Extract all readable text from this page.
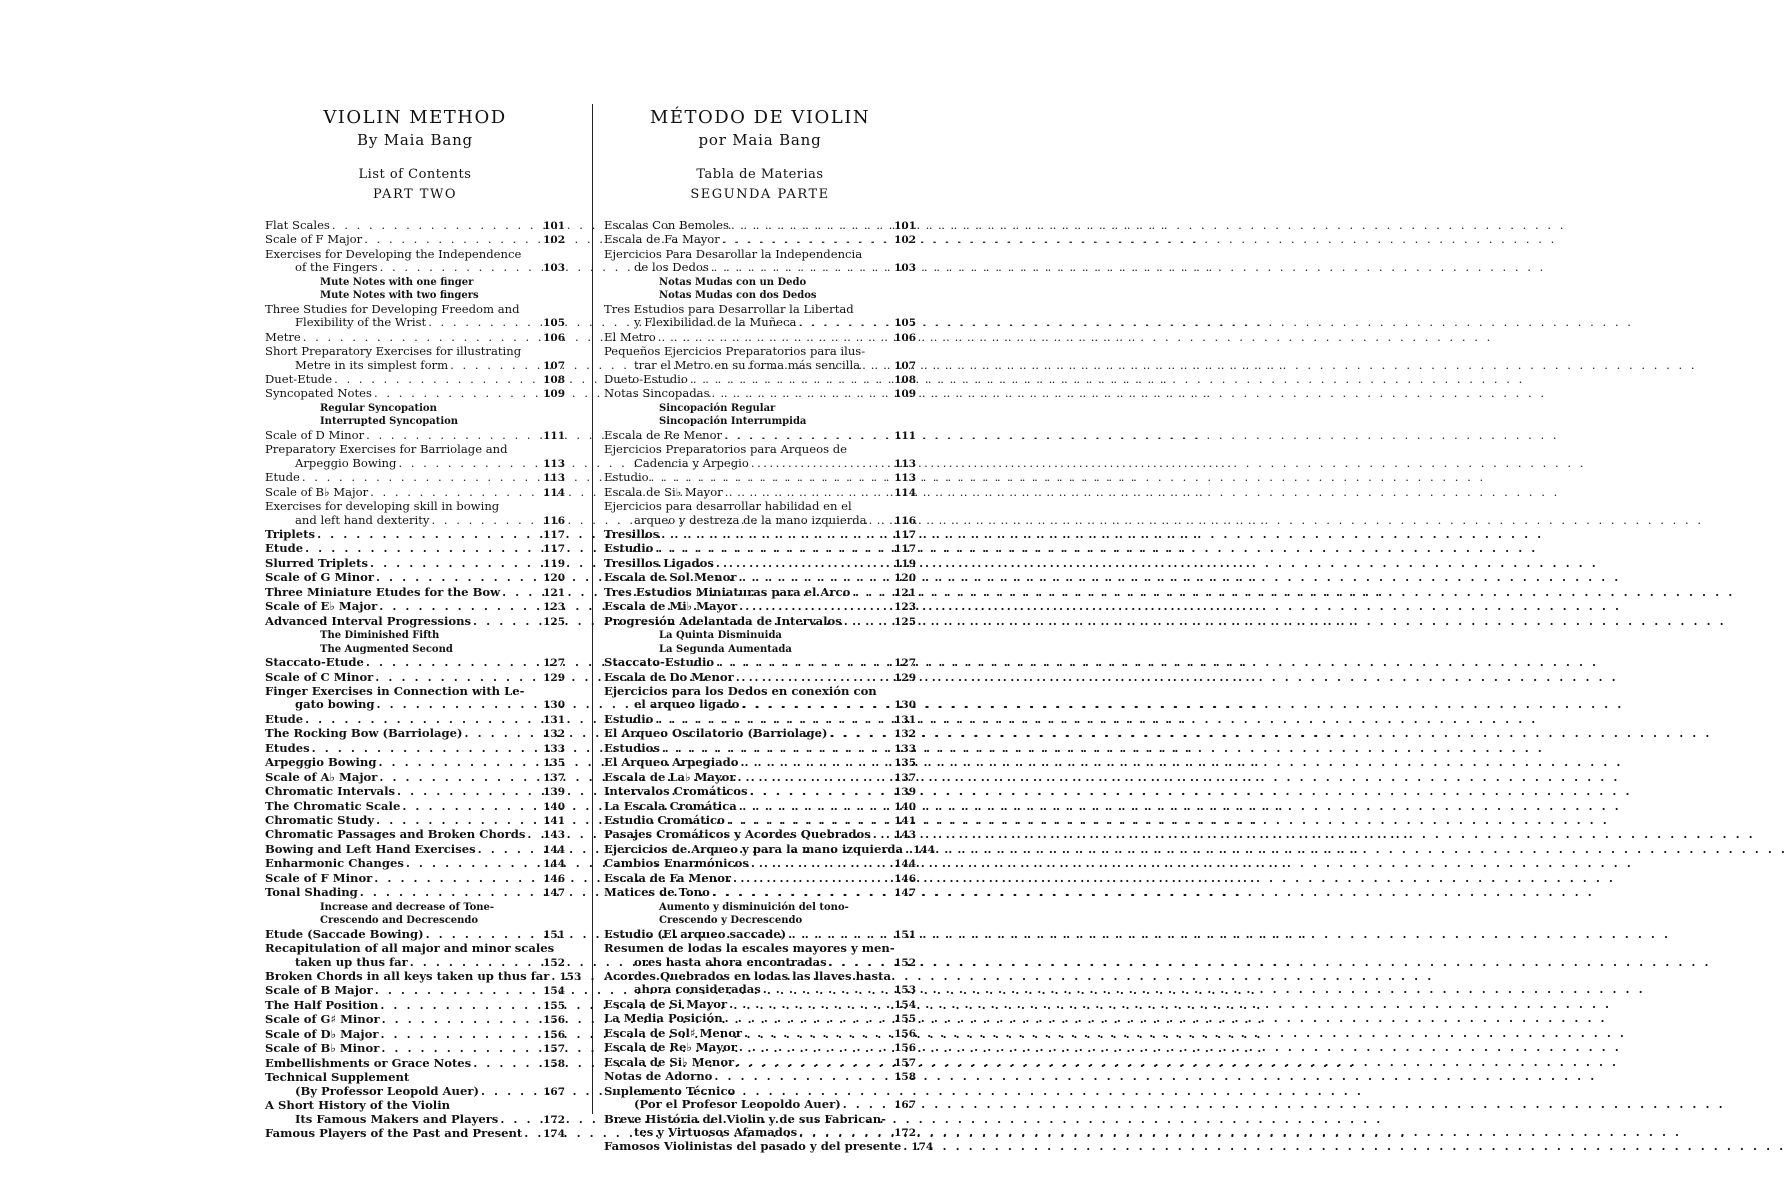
VIOLIN METHOD
By Maia Bang
List of Contents
PART TWO
Flat Scales . . .	101
Scale of F Major . . .	102
Exercises for Developing the Independence
of the Fingers . . .	103
Mute Notes with one finger
Mute Notes with two fingers
Three Studies for Developing Freedom and
Flexibility of the Wrist . . .	105
Metre . . .	106
Short Preparatory Exercises for illustrating
Metre in its simplest form . . .	107
Duet-Etude . . .	108
Syncopated Notes . . .	109
Regular Syncopation
Interrupted Syncopation
Scale of D Minor . . .	111
Preparatory Exercises for Barriolage and
Arpeggio Bowing . . .	113
Etude . . .	113
Scale of B♭ Major . . .	114
Exercises for developing skill in bowing
and left hand dexterity . . .	116
Triplets . . .	117
Etude . . .	117
Slurred Triplets . . .	119
Scale of G Minor . . .	120
Three Miniature Etudes for the Bow . . .	121
Scale of E♭ Major . . .	123
Advanced Interval Progressions . . .	125
The Diminished Fifth
The Augmented Second
Staccato-Etude . . .	127
Scale of C Minor . . .	129
Finger Exercises in Connection with Le-
gato bowing . . .	130
Etude . . .	131
The Rocking Bow (Barriolage) . . .	132
Etudes . . .	133
Arpeggio Bowing . . .	135
Scale of A♭ Major . . .	137
Chromatic Intervals . . .	139
The Chromatic Scale . . .	140
Chromatic Study . . .	141
Chromatic Passages and Broken Chords . . . 143
Bowing and Left Hand Exercises . . .	144
Enharmonic Changes . . .	144
Scale of F Minor . . .	146
Tonal Shading . . .	147
Increase and decrease of Tone-
Crescendo and Decrescendo
Etude (Saccade Bowing) . . .	151
Recapitulation of all major and minor scales
taken up thus far . . .	152
Broken Chords in all keys taken up thus far . . . 153
Scale of B Major . . .	154
The Half Position . . .	155
Scale of G♯ Minor . . .	156
Scale of D♭ Major . . .	156
Scale of B♭ Minor . . .	157
Embellishments or Grace Notes . . .	158
Technical Supplement
(By Professor Leopold Auer) . . .	167
A Short History of the Violin
Its Famous Makers and Players . . .	172
Famous Players of the Past and Present . . . 174
MÉTODO DE VIOLIN
por Maia Bang
Tabla de Materias
SEGUNDA PARTE
Escalas Con Bemoles . . .	101
Escala de Fa Mayor . . .	102
Ejercicios Para Desarollar la Independencia
de los Dedos . . .	103
Notas Mudas con un Dedo
Notas Mudas con dos Dedos
Tres Estudios para Desarrollar la Libertad
y Flexibilidad de la Muñeca . . .	105
El Metro . . .	106
Pequeños Ejercicios Preparatorios para ilus-
trar el Metro en su forma más sencilla . . .	107
Dueto-Estudio . . .	108
Notas Sincopadas . . .	109
Sincopación Regular
Sincopación Interrumpida
Escala de Re Menor . . .	111
Ejercicios Preparatorios para Arqueos de
Cadencia y Arpegio . . .	113
Estudio . . .	113
Escala de Si♭ Mayor . . .	114
Ejercicios para desarrollar habilidad en el
arqueo y destreza de la mano izquierda . . .	116
Tresillos . . .	117
Estudio . . .	117
Tresillos Ligados . . .	119
Escala de Sol Menor . . .	120
Tres Estudios Miniaturas para el Arco . . .	121
Escala de Mi♭ Mayor . . .	123
Progresión Adelantada de Intervalos . . .	125
La Quinta Disminuida
La Segunda Aumentada
Staccato-Estudio . . .	127
Escala de Do Menor . . .	129
Ejercicios para los Dedos en conexión con
el arqueo ligado . . .	130
Estudio . . .	131
El Arqueo Oscilatorio (Barriolage) . . .	132
Estudios . . .	133
El Arqueo Arpegiado . . .	135
Escala de La♭ Mayor . . .	137
Intervalos Cromáticos . . .	139
La Escala Cromática . . .	140
Estudio Cromático . . .	141
Pasajes Cromáticos y Acordes Quebrados . . . 143
Ejercicios de Arqueo y para la mano izquierda . . . 144
Cambios Enarmónicos . . .	144
Escala de Fa Menor . . .	146
Matices de Tono . . .	147
Aumento y disminuición del tono-
Crescendo y Decrescendo
Estudio (El arqueo saccade) . . .	151
Resumen de lodas la escales mayores y men-
ores hasta ahora encontradas . . .	152
Acordes Quebrados en lodas las llaves hasta
ahora consideradas . . .	153
Escala de Si Mayor . . .	154
La Media Posición . . .	155
Escala de Sol♯ Menor . . .	156
Escala de Re♭ Mayor . . .	156
Escala de Si♭ Menor . . .	157
Notas de Adorno . . .	158
Suplemento Técnico
(Por el Profesor Leopoldo Auer) . . .	167
Breve História del Violin y de sus Fabrican-
tes y Virtuosos Afamados . . .	172
Famosos Violinistas del pasado y del presente . . . 174
